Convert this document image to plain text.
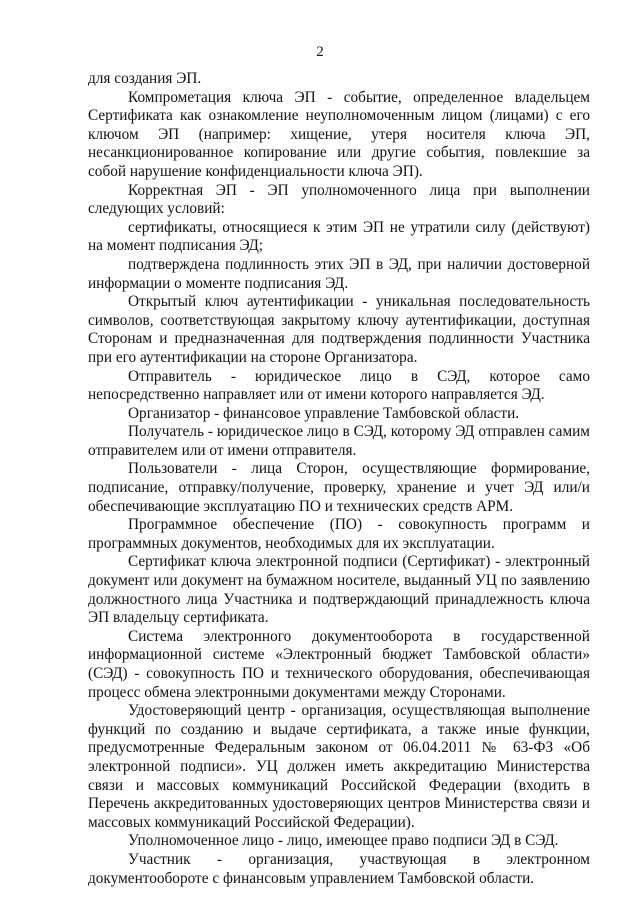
2

для создания ЭП.

Компрометация ключа ЭП - событие, определенное владельцем Сертификата как ознакомление неуполномоченным лицом (лицами) с его ключом ЭП (например: хищение, утеря носителя ключа ЭП, несанкционированное копирование или другие события, повлекшие за собой нарушение конфиденциальности ключа ЭП).

Корректная ЭП - ЭП уполномоченного лица при выполнении следующих условий:

сертификаты, относящиеся к этим ЭП не утратили силу (действуют) на момент подписания ЭД;

подтверждена подлинность этих ЭП в ЭД, при наличии достоверной информации о моменте подписания ЭД.

Открытый ключ аутентификации - уникальная последовательность символов, соответствующая закрытому ключу аутентификации, доступная Сторонам и предназначенная для подтверждения подлинности Участника при его аутентификации на стороне Организатора.

Отправитель - юридическое лицо в СЭД, которое само непосредственно направляет или от имени которого направляется ЭД.

Организатор - финансовое управление Тамбовской области.

Получатель - юридическое лицо в СЭД, которому ЭД отправлен самим отправителем или от имени отправителя.

Пользователи - лица Сторон, осуществляющие формирование, подписание, отправку/получение, проверку, хранение и учет ЭД или/и обеспечивающие эксплуатацию ПО и технических средств АРМ.

Программное обеспечение (ПО) - совокупность программ и программных документов, необходимых для их эксплуатации.

Сертификат ключа электронной подписи (Сертификат) - электронный документ или документ на бумажном носителе, выданный УЦ по заявлению должностного лица Участника и подтверждающий принадлежность ключа ЭП владельцу сертификата.

Система электронного документооборота в государственной информационной системе «Электронный бюджет Тамбовской области» (СЭД) - совокупность ПО и технического оборудования, обеспечивающая процесс обмена электронными документами между Сторонами.

Удостоверяющий центр - организация, осуществляющая выполнение функций по созданию и выдаче сертификата, а также иные функции, предусмотренные Федеральным законом от 06.04.2011 № 63-ФЗ «Об электронной подписи». УЦ должен иметь аккредитацию Министерства связи и массовых коммуникаций Российской Федерации (входить в Перечень аккредитованных удостоверяющих центров Министерства связи и массовых коммуникаций Российской Федерации).

Уполномоченное лицо - лицо, имеющее право подписи ЭД в СЭД.

Участник - организация, участвующая в электронном документообороте с финансовым управлением Тамбовской области.
